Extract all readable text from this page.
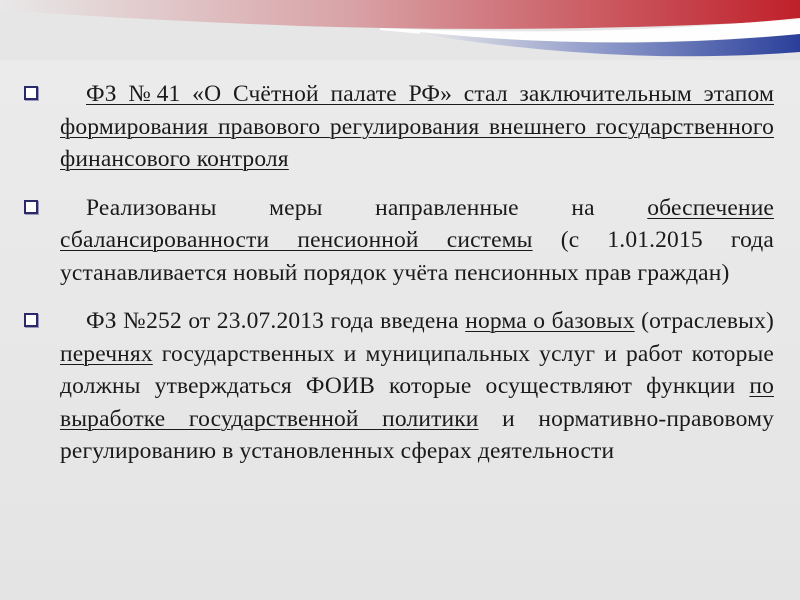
ФЗ №41 «О Счётной палате РФ» стал заключительным этапом формирования правового регулирования внешнего государственного финансового контроля
Реализованы меры направленные на обеспечение сбалансированности пенсионной системы (с 1.01.2015 года устанавливается новый порядок учёта пенсионных прав граждан)
ФЗ №252 от 23.07.2013 года введена норма о базовых (отраслевых) перечнях государственных и муниципальных услуг и работ которые должны утверждаться ФОИВ которые осуществляют функции по выработке государственной политики и нормативно-правовому регулированию в установленных сферах деятельности
